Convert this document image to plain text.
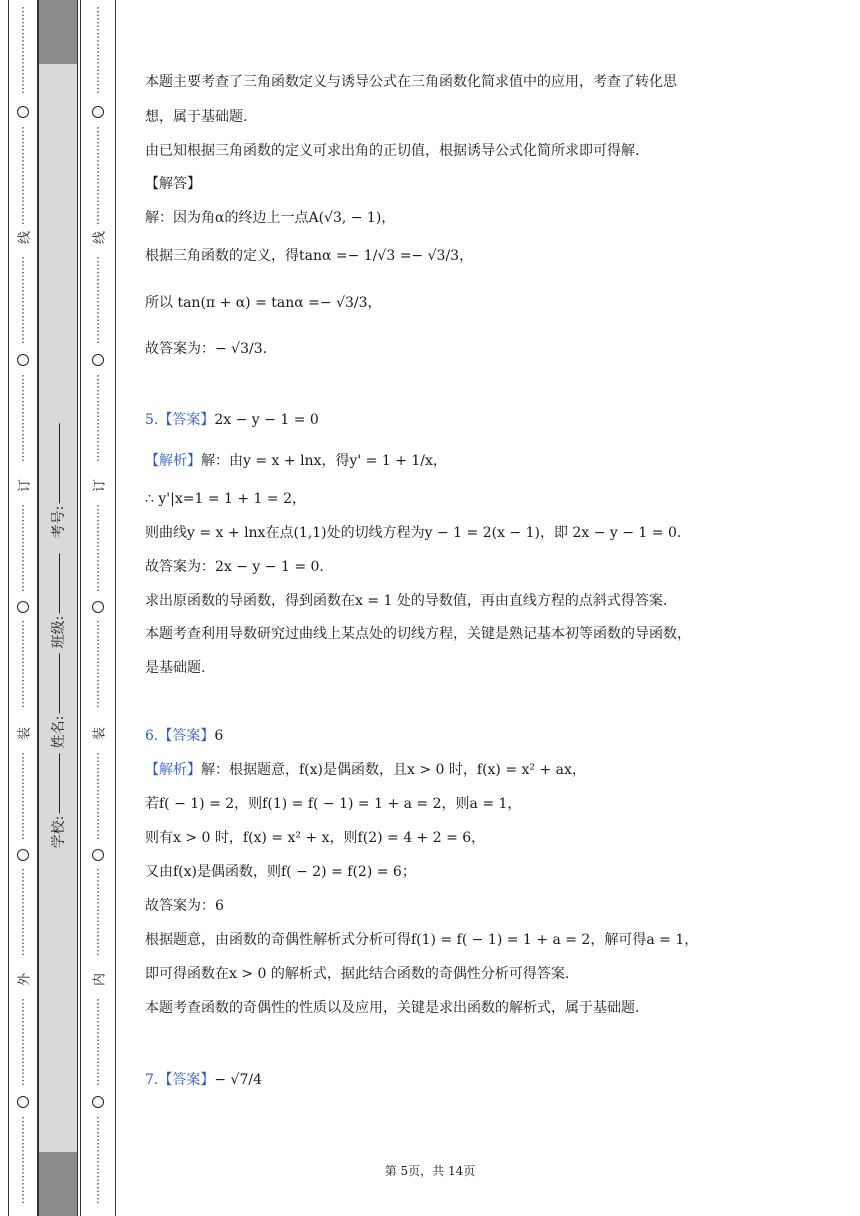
⋮
⋮
⋮
⋮
⋮
⋮
⋮
⋮
⋮
⋮
⋮
⋮
⋮
⋮
⋮
⋮
⋮
线
⋮
⋮
⋮
⋮
⋮
⋮
⋮
⋮
⋮
⋮
⋮
⋮
⋮
⋮
⋮
⋮
订
⋮
⋮
⋮
⋮
⋮
⋮
⋮
⋮
⋮
⋮
⋮
⋮
⋮
⋮
⋮
⋮
装
⋮
⋮
⋮
⋮
⋮
⋮
⋮
⋮
⋮
⋮
⋮
⋮
⋮
⋮
⋮
⋮
外
⋮
⋮
⋮
⋮
⋮
⋮
⋮
⋮
⋮
⋮
⋮
⋮
⋮
⋮
⋮
⋮
学校:
姓名:
班级:
考号:
⋮
⋮
⋮
⋮
⋮
⋮
⋮
⋮
⋮
⋮
⋮
⋮
⋮
⋮
⋮
⋮
⋮
线
⋮
⋮
⋮
⋮
⋮
⋮
⋮
⋮
⋮
⋮
⋮
⋮
⋮
⋮
⋮
⋮
订
⋮
⋮
⋮
⋮
⋮
⋮
⋮
⋮
⋮
⋮
⋮
⋮
⋮
⋮
⋮
⋮
装
⋮
⋮
⋮
⋮
⋮
⋮
⋮
⋮
⋮
⋮
⋮
⋮
⋮
⋮
⋮
⋮
内
⋮
⋮
⋮
⋮
⋮
⋮
⋮
⋮
⋮
⋮
⋮
⋮
⋮
⋮
⋮
⋮
本题主要考查了三角函数定义与诱导公式在三角函数化简求值中的应用，考查了转化思
想，属于基础题.
由已知根据三角函数的定义可求出角的正切值，根据诱导公式化简所求即可得解.
【解答】
解：因为角α的终边上一点A(√3, − 1)，
根据三角函数的定义，得tanα =− 1/√3 =− √3/3，
所以 tan(π + α) = tanα =− √3/3，
故答案为：− √3/3.
5.【答案】2x − y − 1 = 0
【解析】解：由y = x + lnx，得y' = 1 + 1/x，
∴ y'|x=1 = 1 + 1 = 2，
则曲线y = x + lnx在点(1,1)处的切线方程为y − 1 = 2(x − 1)，即 2x − y − 1 = 0.
故答案为：2x − y − 1 = 0.
求出原函数的导函数，得到函数在x = 1 处的导数值，再由直线方程的点斜式得答案.
本题考查利用导数研究过曲线上某点处的切线方程，关键是熟记基本初等函数的导函数，
是基础题.
6.【答案】6
【解析】解：根据题意，f(x)是偶函数，且x > 0 时，f(x) = x² + ax，
若f( − 1) = 2，则f(1) = f( − 1) = 1 + a = 2，则a = 1，
则有x > 0 时，f(x) = x² + x，则f(2) = 4 + 2 = 6，
又由f(x)是偶函数，则f( − 2) = f(2) = 6；
故答案为：6
根据题意，由函数的奇偶性解析式分析可得f(1) = f( − 1) = 1 + a = 2，解可得a = 1，
即可得函数在x > 0 的解析式，据此结合函数的奇偶性分析可得答案.
本题考查函数的奇偶性的性质以及应用，关键是求出函数的解析式，属于基础题.
7.【答案】− √7/4
第 5页，共 14页
